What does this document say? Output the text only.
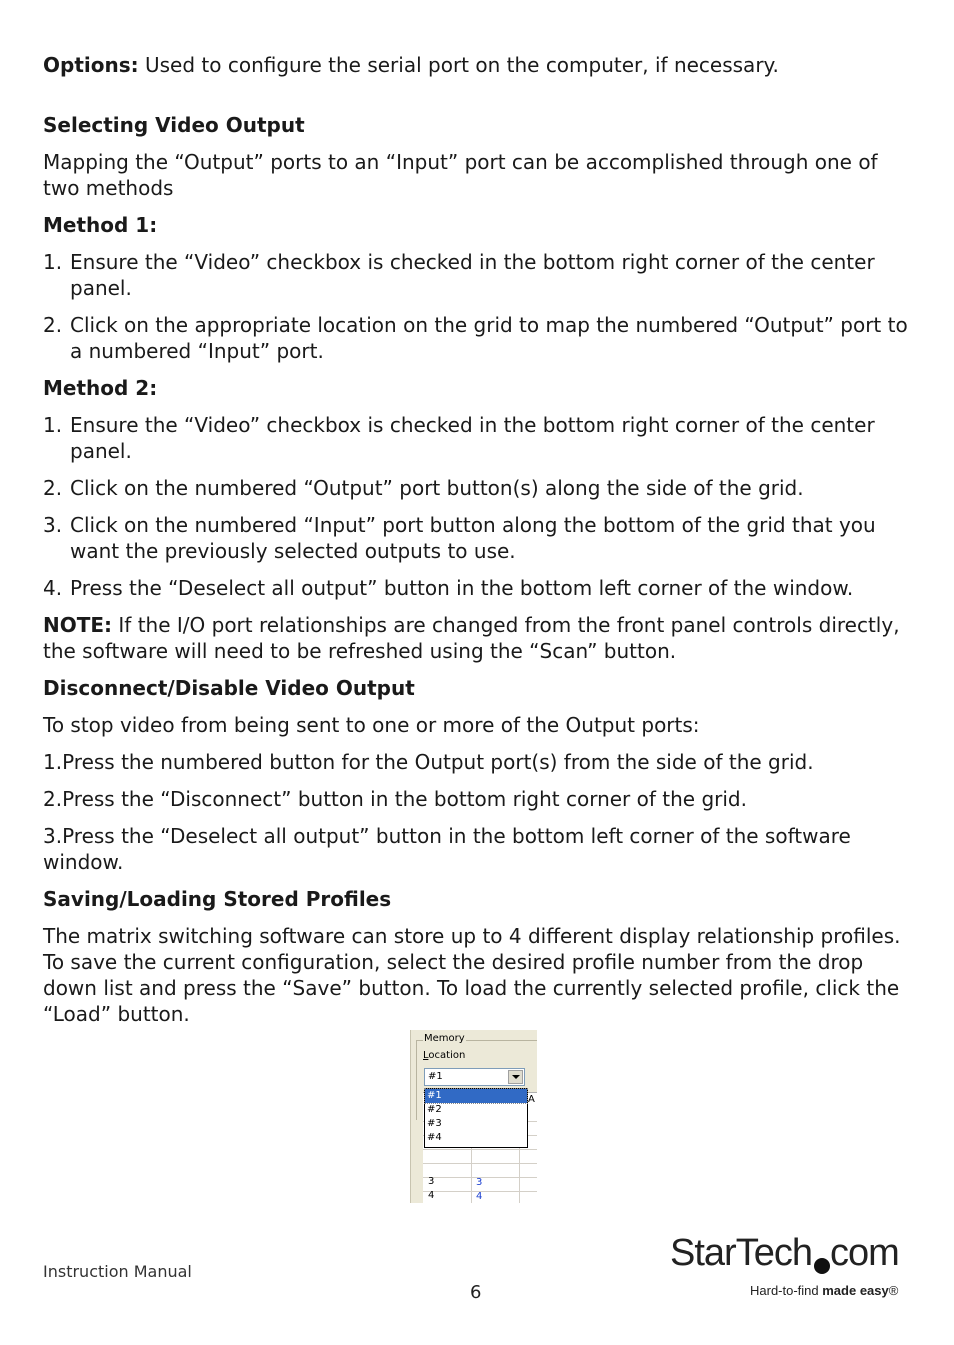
Options: Used to configure the serial port on the computer, if necessary.

Selecting Video Output

Mapping the “Output” ports to an “Input” port can be accomplished through one of two methods

Method 1:

1. Ensure the “Video” checkbox is checked in the bottom right corner of the center panel.
2. Click on the appropriate location on the grid to map the numbered “Output” port to a numbered “Input” port.

Method 2:

1. Ensure the “Video” checkbox is checked in the bottom right corner of the center panel.
2. Click on the numbered “Output” port button(s) along the side of the grid.
3. Click on the numbered “Input” port button along the bottom of the grid that you want the previously selected outputs to use.
4. Press the “Deselect all output” button in the bottom left corner of the window.

NOTE: If the I/O port relationships are changed from the front panel controls directly, the software will need to be refreshed using the “Scan” button.

Disconnect/Disable Video Output

To stop video from being sent to one or more of the Output ports:

1.Press the numbered button for the Output port(s) from the side of the grid.

2.Press the “Disconnect” button in the bottom right corner of the grid.

3.Press the “Deselect all output” button in the bottom left corner of the software window.

Saving/Loading Stored Profiles

The matrix switching software can store up to 4 different display relationship profiles. To save the current configuration, select the desired profile number from the drop down list and press the “Save” button. To load the currently selected profile, click the “Load” button.

Memory
Location
3	3
4	4
A
#1
#1
#2
#3
#4
Instruction Manual
6
StarTech com
Hard-to-find made easy®
